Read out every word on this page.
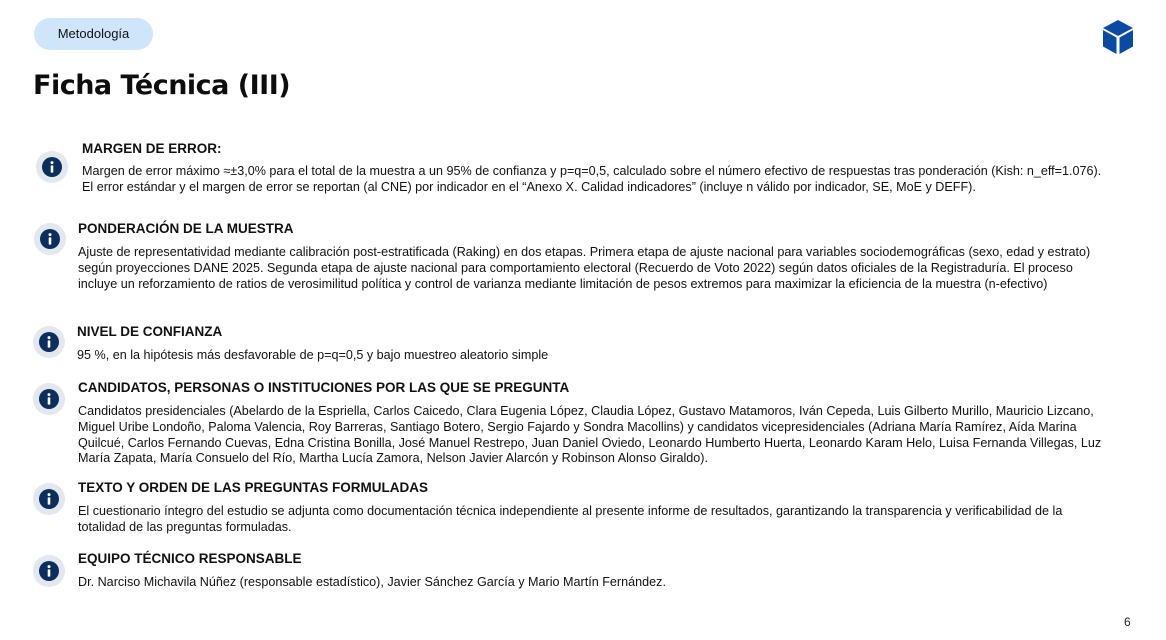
Metodología
Ficha Técnica (III)
MARGEN DE ERROR:

Margen de error máximo ≈±3,0% para el total de la muestra a un 95% de confianza y p=q=0,5, calculado sobre el número efectivo de respuestas tras ponderación (Kish: n_eff=1.076). El error estándar y el margen de error se reportan (al CNE) por indicador en el “Anexo X. Calidad indicadores” (incluye n válido por indicador, SE, MoE y DEFF).

PONDERACIÓN DE LA MUESTRA

Ajuste de representatividad mediante calibración post-estratificada (Raking) en dos etapas. Primera etapa de ajuste nacional para variables sociodemográficas (sexo, edad y estrato) según proyecciones DANE 2025. Segunda etapa de ajuste nacional para comportamiento electoral (Recuerdo de Voto 2022) según datos oficiales de la Registraduría. El proceso incluye un reforzamiento de ratios de verosimilitud política y control de varianza mediante limitación de pesos extremos para maximizar la eficiencia de la muestra (n-efectivo)

NIVEL DE CONFIANZA

95 %, en la hipótesis más desfavorable de p=q=0,5 y bajo muestreo aleatorio simple

CANDIDATOS, PERSONAS O INSTITUCIONES POR LAS QUE SE PREGUNTA

Candidatos presidenciales (Abelardo de la Espriella, Carlos Caicedo, Clara Eugenia López, Claudia López, Gustavo Matamoros, Iván Cepeda, Luis Gilberto Murillo, Mauricio Lizcano, Miguel Uribe Londoño, Paloma Valencia, Roy Barreras, Santiago Botero, Sergio Fajardo y Sondra Macollins) y candidatos vicepresidenciales (Adriana María Ramírez, Aída Marina Quilcué, Carlos Fernando Cuevas, Edna Cristina Bonilla, José Manuel Restrepo, Juan Daniel Oviedo, Leonardo Humberto Huerta, Leonardo Karam Helo, Luisa Fernanda Villegas, Luz María Zapata, María Consuelo del Río, Martha Lucía Zamora, Nelson Javier Alarcón y Robinson Alonso Giraldo).

TEXTO Y ORDEN DE LAS PREGUNTAS FORMULADAS

El cuestionario íntegro del estudio se adjunta como documentación técnica independiente al presente informe de resultados, garantizando la transparencia y verificabilidad de la totalidad de las preguntas formuladas.

EQUIPO TÉCNICO RESPONSABLE

Dr. Narciso Michavila Núñez (responsable estadístico), Javier Sánchez García y Mario Martín Fernández.

6
